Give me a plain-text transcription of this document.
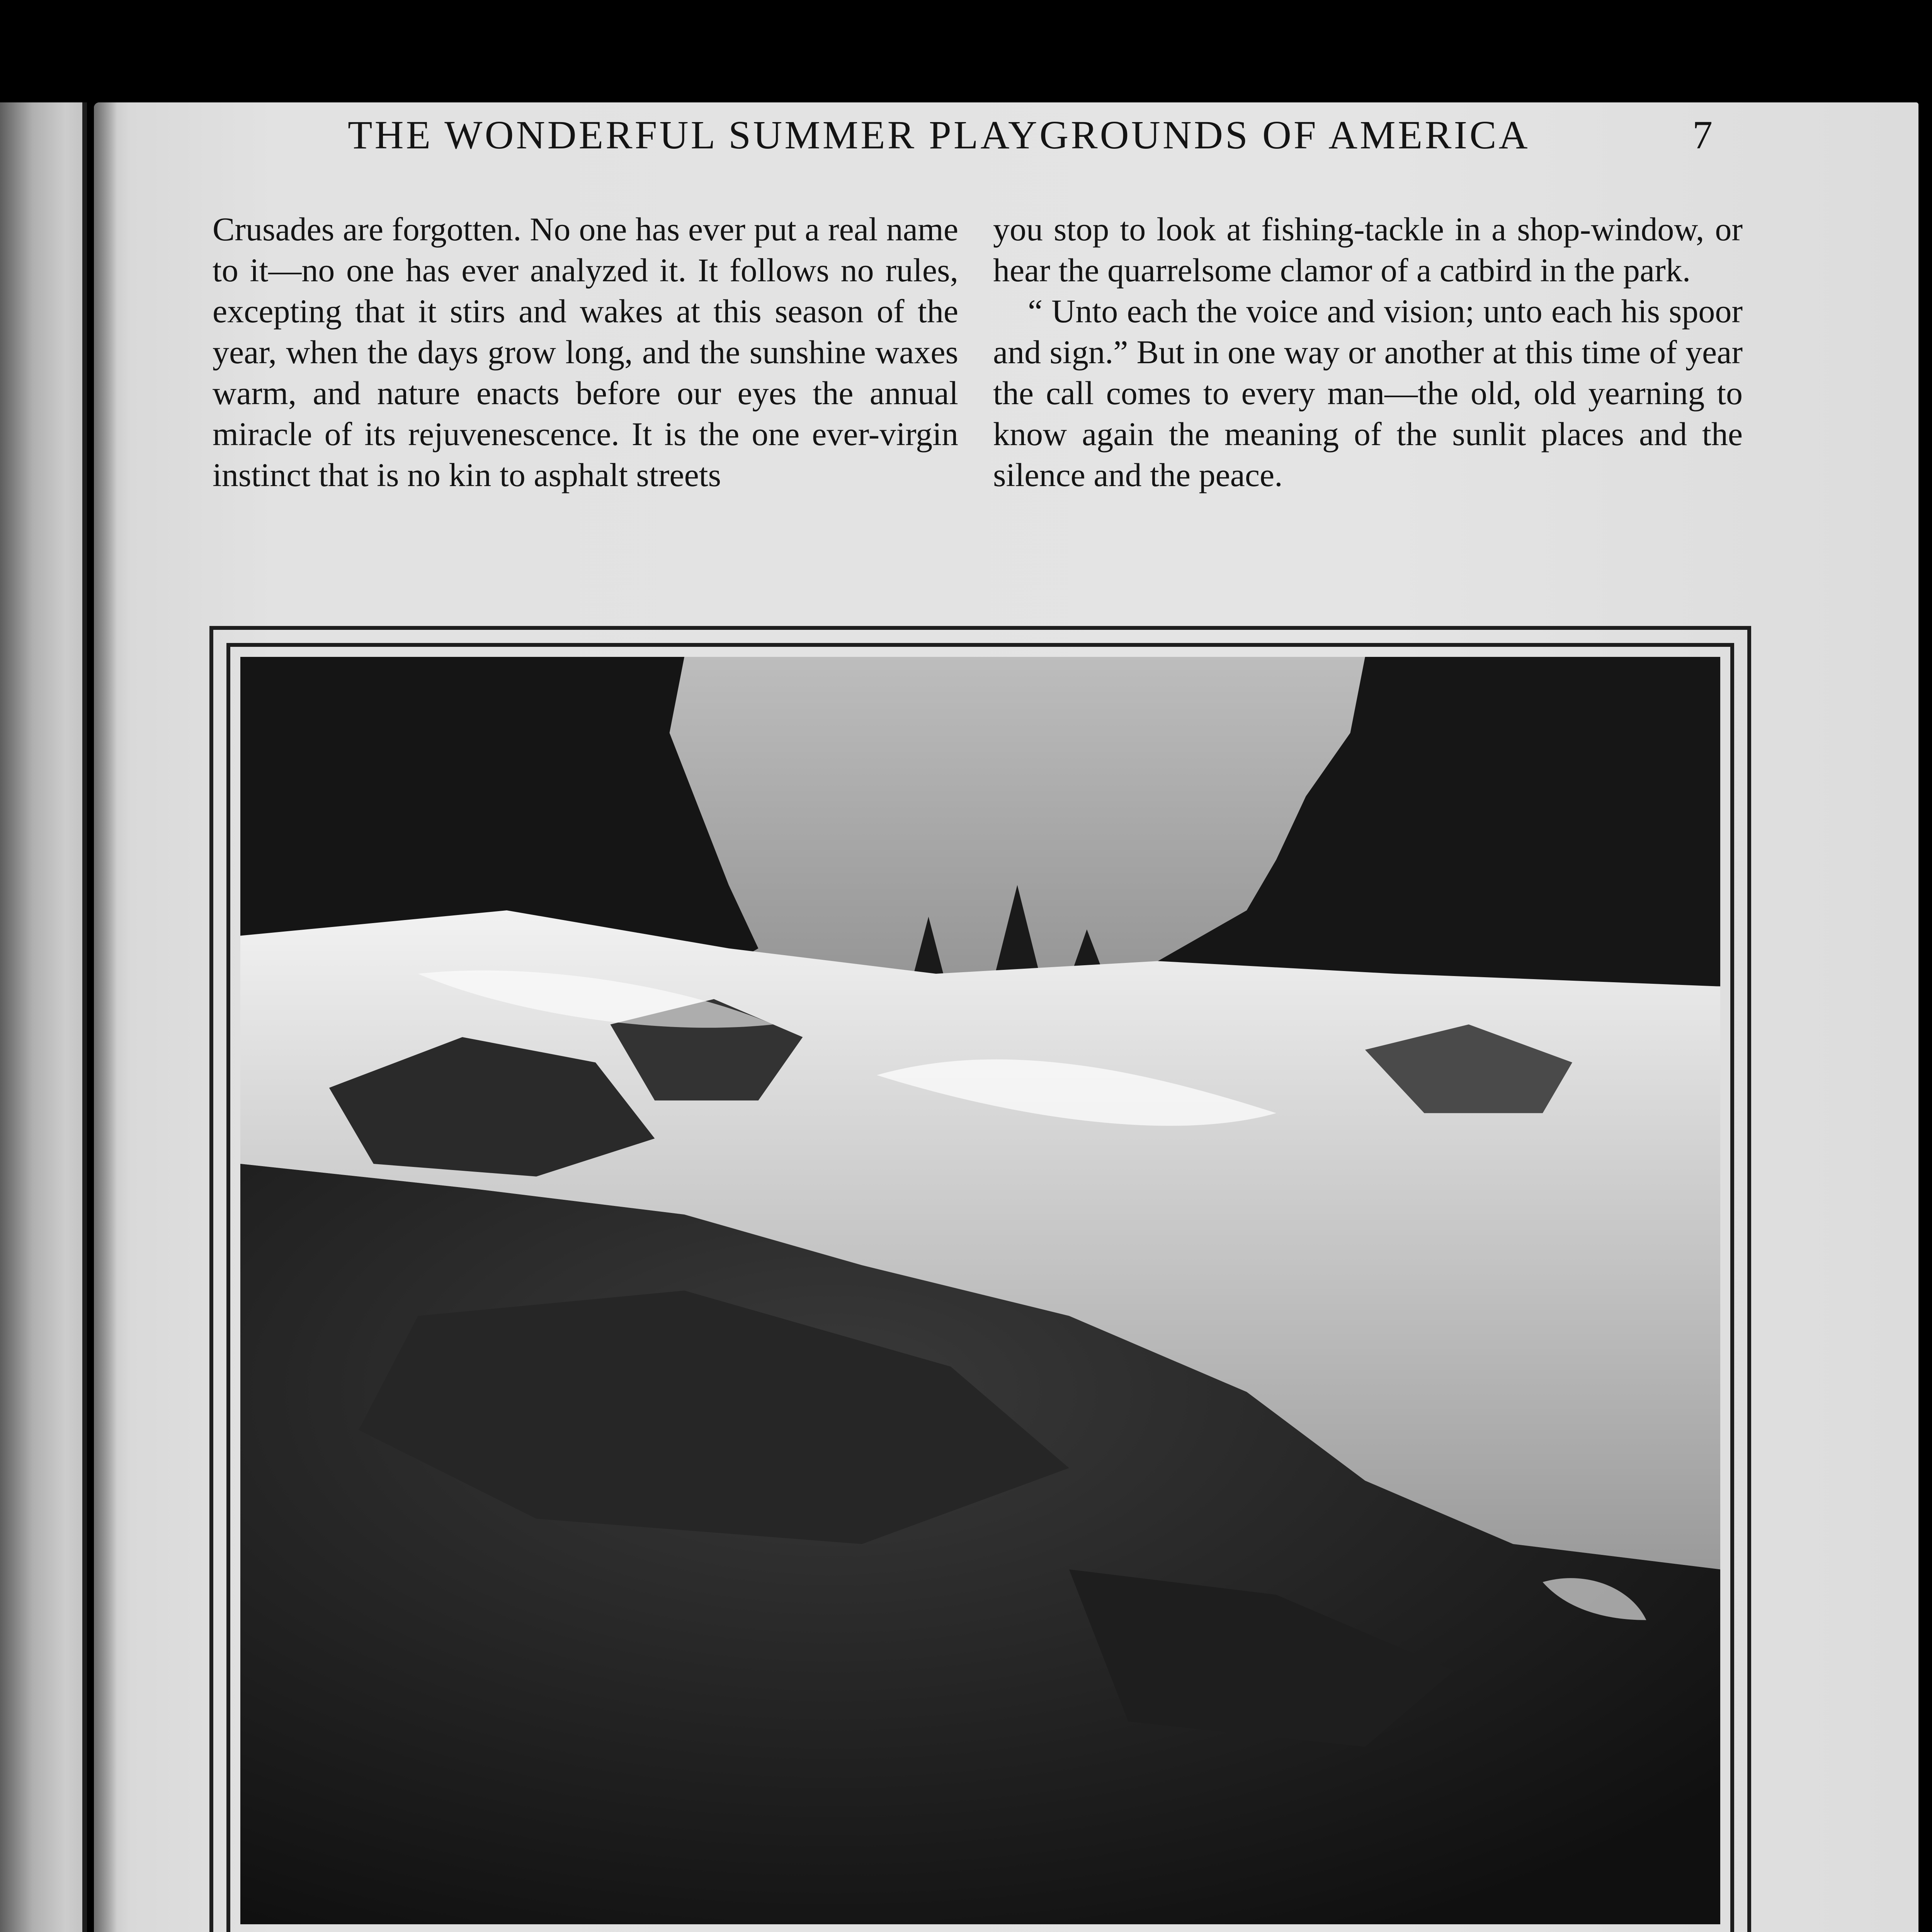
THE WONDERFUL SUMMER PLAYGROUNDS OF AMERICA	7

Crusades are forgotten. No one has ever put a real name to it—no one has ever analyzed it. It follows no rules, excepting that it stirs and wakes at this season of the year, when the days grow long, and the sunshine waxes warm, and nature enacts before our eyes the annual miracle of its rejuvenescence. It is the one ever-virgin instinct that is no kin to asphalt streets

you stop to look at fishing-tackle in a shop-window, or hear the quarrelsome clamor of a catbird in the park.

“ Unto each the voice and vision; unto each his spoor and sign.” But in one way or another at this time of year the call comes to every man—the old, old yearning to know again the meaning of the sunlit places and the silence and the peace.
